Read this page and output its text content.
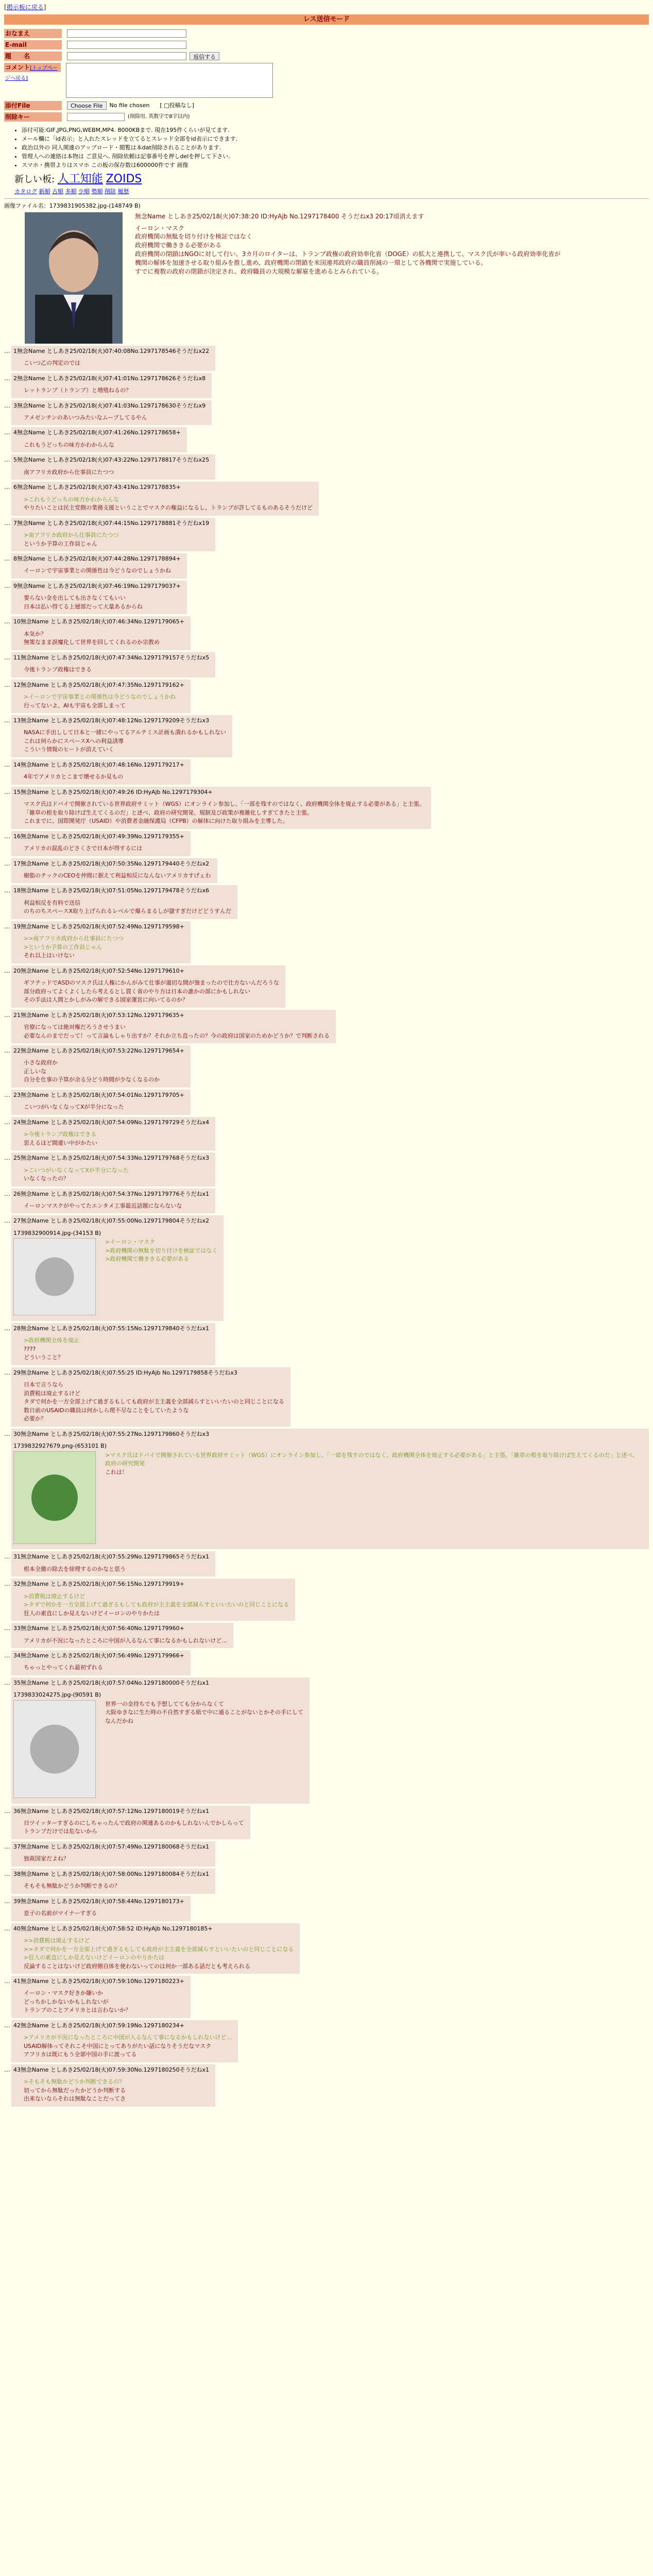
[掲示板に戻る]
レス送信モード
おなまえ
E-mail
題　　名	返信する
コメント[トップページへ戻る]
添付File	Choose File	No file chosen [ □投稿なし]
削除キー	(削除用. 英数字で8字以内)
• 添付可能:GIF,JPG,PNG,WEBM,MP4. 8000KBまで. 現在195件くらいが見てます.
• メール欄に「id表示」と入れたスレッドを立てるとスレッド全部をid表示にできます.
• 政治以外の 同人関連のアップロード・閲覧は本dat削除されることがあります.
• 管理人への連絡は本物は ご意見へ. 削除依頼は記事番号を押しdelを押して下さい.
• スマホ・携帯よりはスマホ この板の保存数は600000件です 画像
新しい板: 人工知能 ZOIDS
カタログ 新順 古順 多順 少順 勢順 削除 履歴
画像ファイル名：1739831905382.jpg-(148749 B)
無念Name としあき25/02/18(火)07:38:20 ID:HyAjb No.1297178400 そうだねx3 20:17頃消えます

イーロン・マスク

政府機関の無駄を切り付けを検証ではなく

政府機関で働ききる必要がある

政府機関の閉鎖はNGOに対して行い、3カ月のロイターは、トランプ政権の政府効率化省（DOGE）の拡大と連携して、マスク氏が率いる政府効率化省が

機関の解体を加速させる取り組みを推し進め、政府機関の閉鎖を米国連邦政府の職員削減の一環として各機関で実施している。

すでに複数の政府の閉鎖が決定され、政府職員の大規模な解雇を進めるとみられている。

… 1無念Name としあき25/02/18(火)07:40:08No.1297178546そうだねx22

こいつ乙の判定のでは

… 2無念Name としあき25/02/18(火)07:41:01No.1297178626そうだねx8

レットランプ（トランプ）と増殖ねるの？

… 3無念Name としあき25/02/18(火)07:41:03No.1297178630そうだねx9

アメゼンチンのあいつみたいなムーブしてるやん

… 4無念Name としあき25/02/18(火)07:41:26No.1297178658+

これもうどっちの味方かわからんな

… 5無念Name としあき25/02/18(火)07:43:22No.1297178817そうだねx25

南アフリカ政府から仕事員にたつつ

… 6無念Name としあき25/02/18(火)07:43:41No.1297178835+

>これもうどっちの味方かわからんな

やりたいことは民主党側の業務支援ということでマスクの権益になるし、トランプが許してるものあるそうだけど

… 7無念Name としあき25/02/18(火)07:44:15No.1297178881そうだねx19

>南アフリカ政府から仕事員にたつつ

というか予算の工作員じゃん

… 8無念Name としあき25/02/18(火)07:44:28No.1297178894+

イーロンで宇宙事業との関係性は今どうなのでしょうかね

… 9無念Name としあき25/02/18(火)07:46:19No.1297179037+

要らない金を出しても出さなくてもいい

日本は払い得てる上層部だって大量あるからね

… 10無念Name としあき25/02/18(火)07:46:34No.1297179065+

本気か？

無策なまま誤魔化して世界を回してくれるのか宗教め

… 11無念Name としあき25/02/18(火)07:47:34No.1297179157そうだねx5

今後トランプ政権はできる

… 12無念Name としあき25/02/18(火)07:47:35No.1297179162+

>イーロンで宇宙事業との関係性は今どうなのでしょうかね

行ってないよ、AIも宇宙も全部しまって

… 13無念Name としあき25/02/18(火)07:48:12No.1297179209そうだねx3

NASAに手出しして日本と一緒にやってるアルテミス計画も潰れるかもしれない

これは何らかにスペースXへの利益誘導

こういう情報のヒートが消えていく

… 14無念Name としあき25/02/18(火)07:48:16No.1297179217+

4年でアメリカとこまで壊せるか見もの

… 15無念Name としあき25/02/18(火)07:49:26 ID:HyAjb No.1297179304+

マスク氏はドバイで開催されている世界政府サミット（WGS）にオンライン参加し、「一部を残すのではなく、政府機関全体を廃止する必要がある」と主張。

「雑草の根を取り除けば生えてくるのだ」と述べ、政府の研究開発、規制及び政策が複雑化しすぎてきたと主張。

これまでに、国際開発庁（USAID）や消費者金融保護局（CFPB）の解体に向けた取り組みを主導した。

… 16無念Name としあき25/02/18(火)07:49:39No.1297179355+

アメリカの混乱のどさくさで日本が得するには

… 17無念Name としあき25/02/18(火)07:50:35No.1297179440そうだねx2

樹脂のテックのCEOを仲間に据えて利益相反になんないアメリカすげぇわ

… 18無念Name としあき25/02/18(火)07:51:05No.1297179478そうだねx6

利益相反を有料で送信

のちのちスペースX取り上げられるレベルで爆らまるしが儲すぎだけどどうすんだ

… 19無念Name としあき25/02/18(火)07:52:49No.1297179598+

>>南アフリカ政府から仕事員にたつつ

>というか予算の工作員じゃん

それ以上はいけない

… 20無念Name としあき25/02/18(火)07:52:54No.1297179610+

ギフテッドでASDのマスク氏は人権にかんがみて仕事が適切な間が強まったので仕方ないんだろうな

部分政府ってよくよくしたら考えるとし貫く省のやり方は日本の誰かの部にかもしれない

その手法は人間とかしがみの解できる国家運営に向いてるのか？

… 21無念Name としあき25/02/18(火)07:53:12No.1297179635+

官僚になっては絶対権だろうさせうまい

必要なんのまでだって！って言論もしゃり出すか？それか立ち直ったの？今の政府は国家のためかどうか？で判断される

… 22無念Name としあき25/02/18(火)07:53:22No.1297179654+

小さな政府か

正しいな

自分を仕事の予算が余る分どう時間が少なくなるのか

… 23無念Name としあき25/02/18(火)07:54:01No.1297179705+

こいつがいなくなってXが半分になった

… 24無念Name としあき25/02/18(火)07:54:09No.1297179729そうだねx4

>今後トランプ政権はできる

思えるほど間違い中がかたい

… 25無念Name としあき25/02/18(火)07:54:33No.1297179768そうだねx3

>こいつがいなくなってXが半分になった

いなくなったの？

… 26無念Name としあき25/02/18(火)07:54:37No.1297179776そうだねx1

イーロンマスクがやってたエンタメ工事最近話題にならないな

… 27無念Name としあき25/02/18(火)07:55:00No.1297179804そうだねx2
1739832900914.jpg-(34153 B)

>イーロン・マスク

>政府機関の無駄を切り付けを検証ではなく

>政府機関で働ききる必要がある

… 28無念Name としあき25/02/18(火)07:55:15No.1297179840そうだねx1

>政府機関全体を廃止

????

どういうこと？

… 29無念Name としあき25/02/18(火)07:55:25 ID:HyAjb No.1297179858そうだねx3

日本で言うなら

消費税は廃止するけど

タダで何かを一方全部上げて過ぎるもしても政府が主主義を全部減らすといいたいのと同じことになる

数日前のUSAIDの職員は何かしら理不尽なことをしていたような

必要か？

… 30無念Name としあき25/02/18(火)07:55:27No.1297179860そうだねx3
1739832927679.png-(653101 B)

>マスク氏はドバイで開催されている世界政府サミット（WGS）にオンライン参加し、「一部を残すのではなく、政府機関全体を廃止する必要がある」と主張。「雑草の根を取り除けば生えてくるのだ」と述べ、政府の研究開発

これは！

… 31無念Name としあき25/02/18(火)07:55:29No.1297179865そうだねx1

根本全撤の除去を徐理するのかなと思う

… 32無念Name としあき25/02/18(火)07:56:15No.1297179919+

>消費税は廃止するけど

>タダで何かを一方全部上げて過ぎるもしても政府が主主義を全部減らすといいたいのと同じことになる

狂人の素直にしか見えないけどイーロンのやりかたは

… 33無念Name としあき25/02/18(火)07:56:40No.1297179960+

アメリカが不況になったところに中国が入るなんて事になるかもしれないけど…

… 34無念Name としあき25/02/18(火)07:56:49No.1297179966+

ちゃっとやってくれ最初ずれる

… 35無念Name としあき25/02/18(火)07:57:04No.1297180000そうだねx1
1739833024275.jpg-(90591 B)

世界一の金持ちでも予想してても分からなくて

大阪ゆきなに生た時の不自然すぎる紙で中に通ることがないとかその手にして

なんだかね

… 36無念Name としあき25/02/18(火)07:57:12No.1297180019そうだねx1

日ツイッターすぎるのにしちゃったんで政府の関連あるのかもしれないんでかしらって

トランプだけでは危ないから

… 37無念Name としあき25/02/18(火)07:57:49No.1297180068そうだねx1

独裁国家だよね？

… 38無念Name としあき25/02/18(火)07:58:00No.1297180084そうだねx1

そもそも無駄かどうか判断できるの？

… 39無念Name としあき25/02/18(火)07:58:44No.1297180173+

息子の名前がマイナーすぎる

… 40無念Name としあき25/02/18(火)07:58:52 ID:HyAjb No.1297180185+

>>消費税は廃止するけど

>>タダで何かを一方全部上げて過ぎるもしても政府が主主義を全部減らすといいたいのと同じことになる

>狂人の素直にしか見えないけどイーロンのやりかたは

反論することはないけど政府側自体を使わないってのは何か一部ある話だとも考えられる

… 41無念Name としあき25/02/18(火)07:59:10No.1297180223+

イーロン・マスク好きか嫌いか

どっちかしかないかもしれないが

トランプのことアメリカとは言わないか？

… 42無念Name としあき25/02/18(火)07:59:19No.1297180234+

>アメリカが不況になったところに中国が入るなんて事になるかもしれないけど…

USAID解体ってそれこそ中国にとってありがたい話になりそうだなマスク

アフリカは既にもう全部中国の手に渡ってる

… 43無念Name としあき25/02/18(火)07:59:30No.1297180250そうだねx1

>そもそも無駄かどうか判断できるの？

切ってから無駄だったかどうか判断する

出来ないならそれは無駄なことだってさ
